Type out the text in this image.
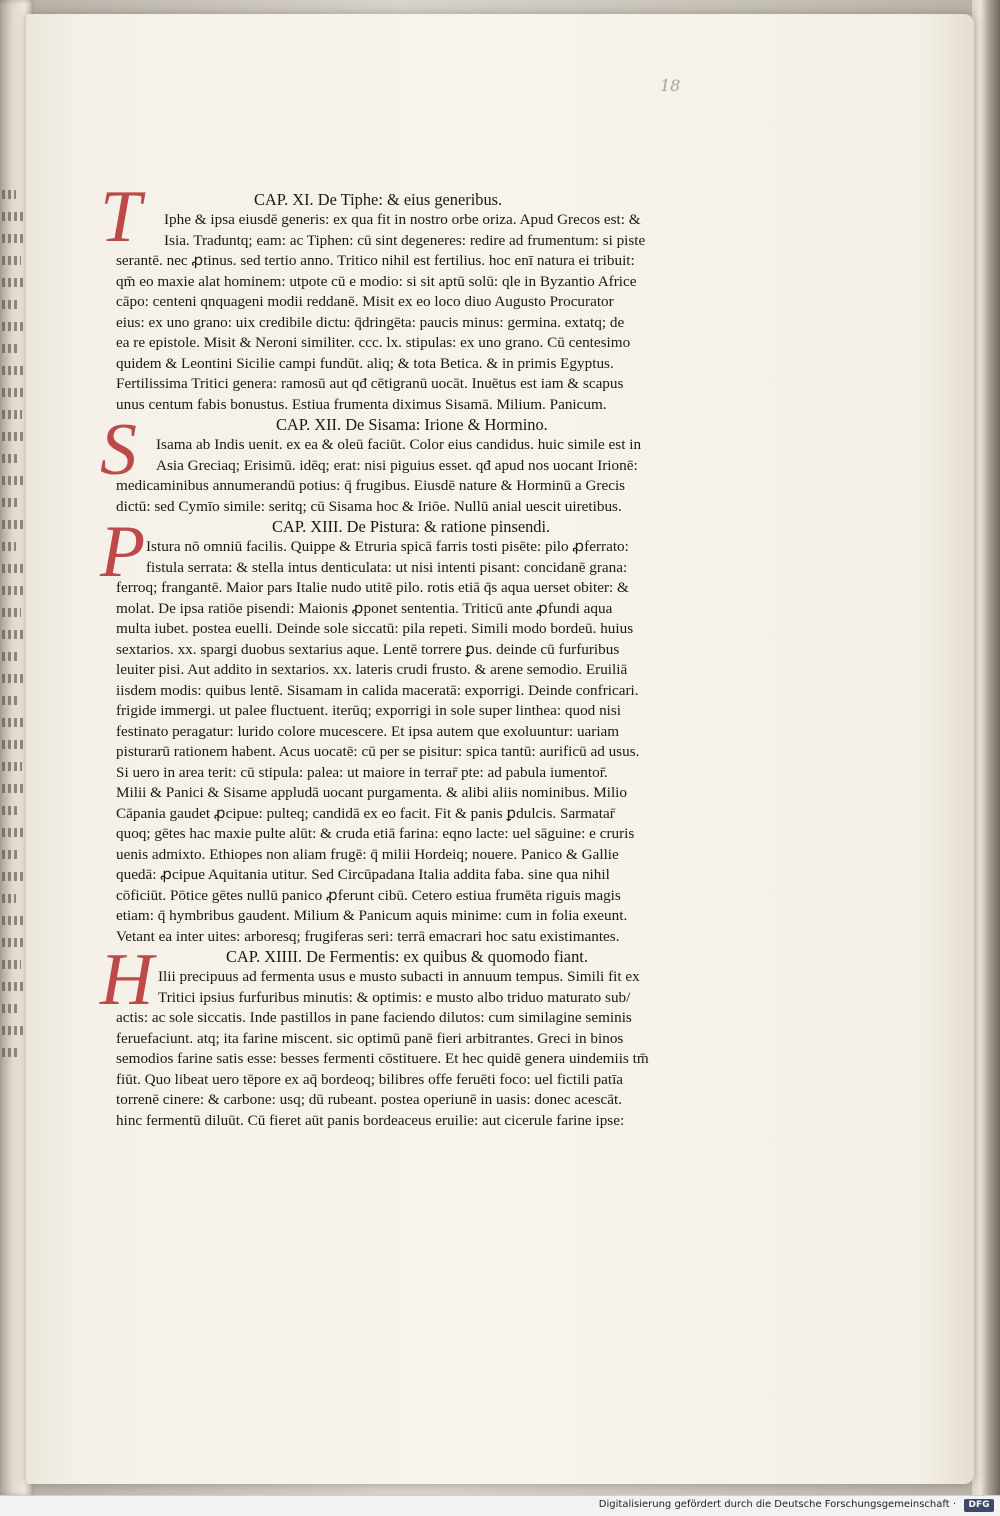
18
T	CAP. XI. De Tiphe: & eius generibus.
Iphe & ipsa eiusdē generis: ex qua fit in nostro orbe oriza. Apud Grecos est: &
Isia. Traduntq; eam: ac Tiphen: cū sint degeneres: redire ad frumentum: si piste
serantē. nec ꝓtinus. sed tertio anno. Tritico nihil est fertilius. hoc enī natura ei tribuit:
qm̄ eo maxie alat hominem: utpote cū e modio: si sit aptū solū: qle in Byzantio Africe
cāpo: centeni qnquageni modii reddanē. Misit ex eo loco diuo Augusto Procurator
eius: ex uno grano: uix credibile dictu: q̄dringēta: paucis minus: germina. extatq; de
ea re epistole. Misit & Neroni similiter. ccc. lx. stipulas: ex uno grano. Cū centesimo
quidem & Leontini Sicilie campi fundūt. aliq; & tota Betica. & in primis Egyptus.
Fertilissima Tritici genera: ramosū aut qđ cētigranū uocāt. Inuētus est iam & scapus
unus centum fabis bonustus. Estiua frumenta diximus Sisamā. Milium. Panicum.
S	CAP. XII. De Sisama: Irione & Hormino.
Isama ab Indis uenit. ex ea & oleū faciūt. Color eius candidus. huic simile est in
Asia Greciaq; Erisimū. idēq; erat: nisi piguius esset. qđ apud nos uocant Irionē:
medicaminibus annumerandū potius: q̄ frugibus. Eiusdē nature & Horminū a Grecis
dictū: sed Cymīo simile: seritq; cū Sisama hoc & Iriōe. Nullū anial uescit uiretibus.
P	CAP. XIII. De Pistura: & ratione pinsendi.
Istura nō omniū facilis. Quippe & Etruria spicā farris tosti pisēte: pilo ꝓferrato:
fistula serrata: & stella intus denticulata: ut nisi intenti pisant: concidanē grana:
ferroq; frangantē. Maior pars Italie nudo utitē pilo. rotis etiā q̄s aqua uerset obiter: &
molat. De ipsa ratiōe pisendi: Maionis ꝓponet sententia. Triticū ante ꝓfundi aqua
multa iubet. postea euelli. Deinde sole siccatū: pila repeti. Simili modo bordeū. huius
sextarios. xx. spargi duobus sextarius aque. Lentē torrere ꝑus. deinde cū furfuribus
leuiter pisi. Aut addito in sextarios. xx. lateris crudi frusto. & arene semodio. Eruiliā
iisdem modis: quibus lentē. Sisamam in calida maceratā: exporrigi. Deinde confricari.
frigide immergi. ut palee fluctuent. iterūq; exporrigi in sole super linthea: quod nisi
festinato peragatur: lurido colore mucescere. Et ipsa autem que exoluuntur: uariam
pisturarū rationem habent. Acus uocatē: cū per se pisitur: spica tantū: aurificū ad usus.
Si uero in area terit: cū stipula: palea: ut maiore in terrar̄ pte: ad pabula iumentor̄.
Milii & Panici & Sisame appludā uocant purgamenta. & alibi aliis nominibus. Milio
Cāpania gaudet ꝓcipue: pulteq; candidā ex eo facit. Fit & panis ꝑdulcis. Sarmatar̄
quoq; gētes hac maxie pulte alūt: & cruda etiā farina: eqno lacte: uel sāguine: e cruris
uenis admixto. Ethiopes non aliam frugē: q̄ milii Hordeiq; nouere. Panico & Gallie
quedā: ꝓcipue Aquitania utitur. Sed Circūpadana Italia addita faba. sine qua nihil
cōficiūt. Pōtice gētes nullū panico ꝓferunt cibū. Cetero estiua frumēta riguis magis
etiam: q̄ hymbribus gaudent. Milium & Panicum aquis minime: cum in folia exeunt.
Vetant ea inter uites: arboresq; frugiferas seri: terrā emacrari hoc satu existimantes.
H	CAP. XIIII. De Fermentis: ex quibus & quomodo fiant.
Ilii precipuus ad fermenta usus e musto subacti in annuum tempus. Simili fit ex
Tritici ipsius furfuribus minutis: & optimis: e musto albo triduo maturato sub/
actis: ac sole siccatis. Inde pastillos in pane faciendo dilutos: cum similagine seminis
feruefaciunt. atq; ita farine miscent. sic optimū panē fieri arbitrantes. Greci in binos
semodios farine satis esse: besses fermenti cōstituere. Et hec quidē genera uindemiis tm̄
fiūt. Quo libeat uero tēpore ex aq̄ bordeoq; bilibres offe feruēti foco: uel fictili patīa
torrenē cinere: & carbone: usq; dū rubeant. postea operiunē in uasis: donec acescāt.
hinc fermentū diluūt. Cū fieret aūt panis bordeaceus eruilie: aut cicerule farine ipse:
Digitalisierung gefördert durch die Deutsche Forschungsgemeinschaft ·	DFG
